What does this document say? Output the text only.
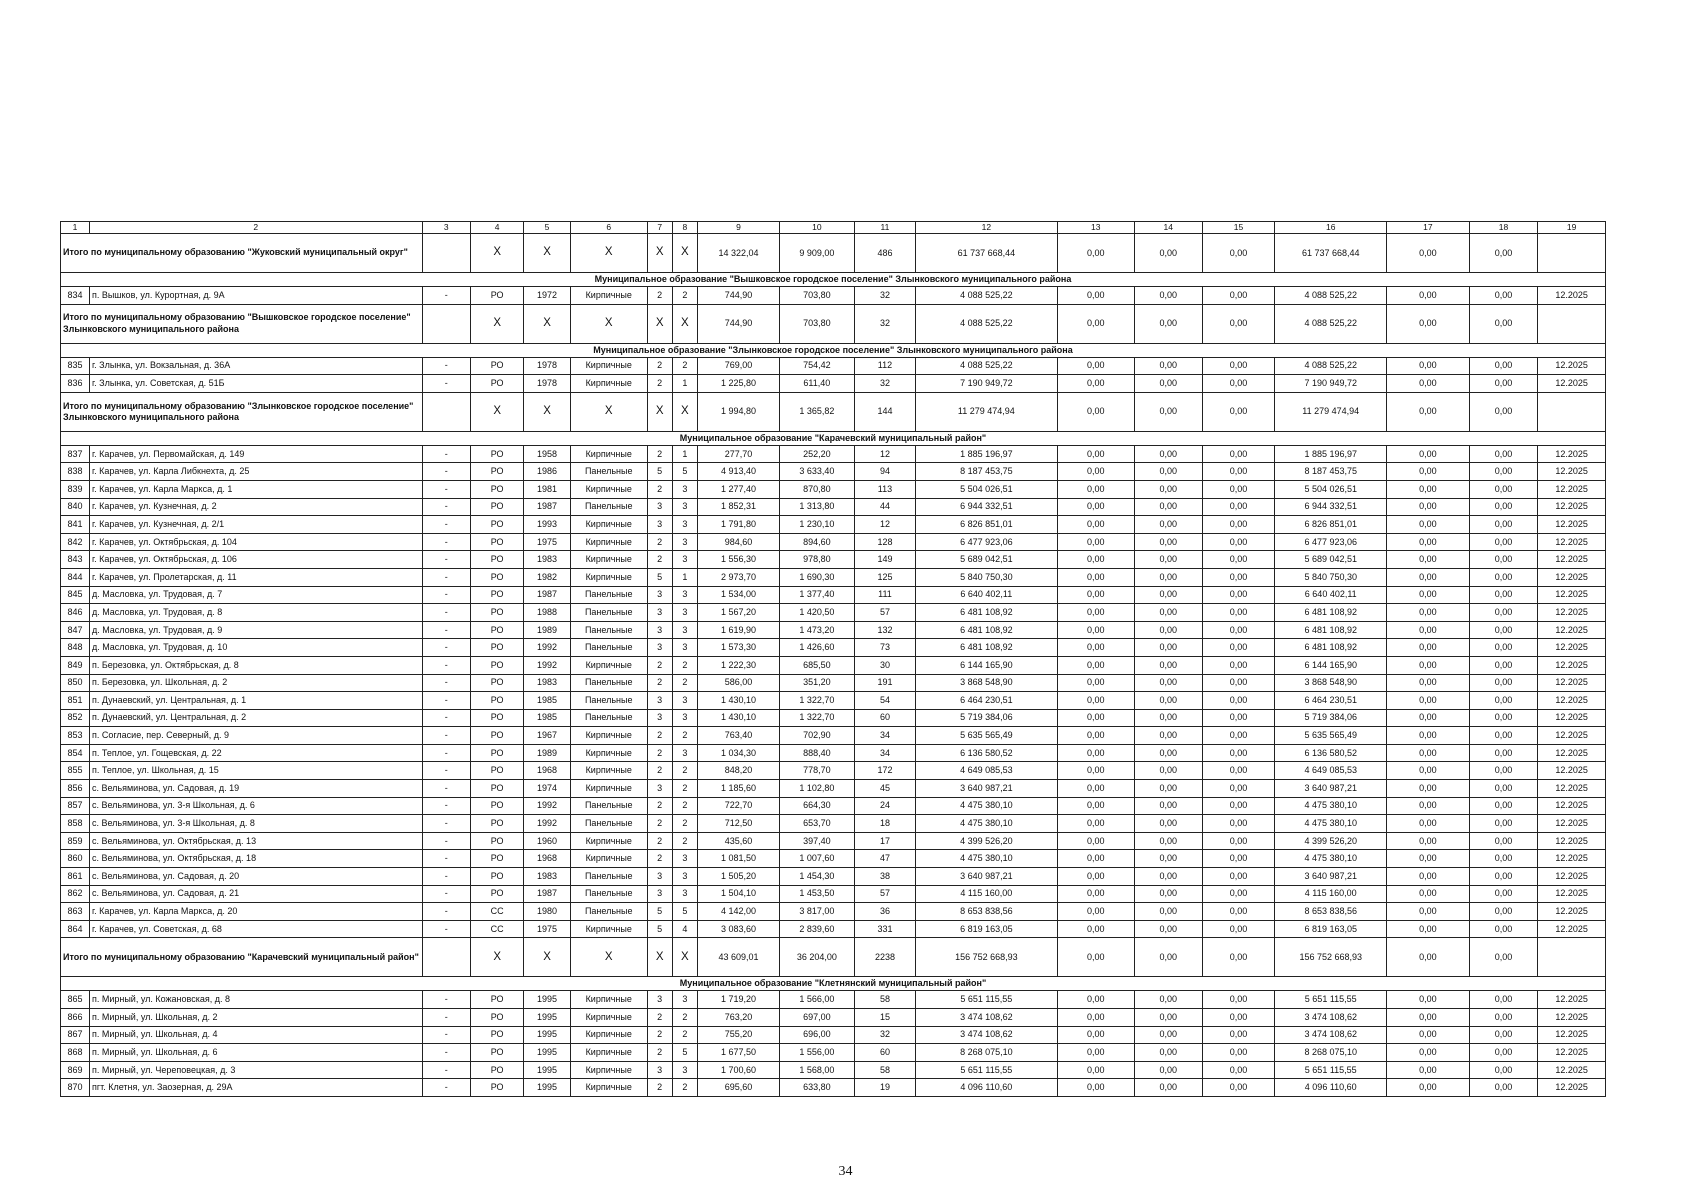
1	2	3	4	5	6	7	8	9	10	11	12	13	14	15	16	17	18	19
Итого по муниципальному образованию "Жуковский муниципальный округ"			Х	Х	Х	Х	Х	14 322,04	9 909,00	486	61 737 668,44	0,00	0,00	0,00	61 737 668,44	0,00	0,00	
Муниципальное образование "Вышковское городское поселение" Злынковского муниципального района																		
834	п. Вышков, ул. Курортная, д. 9А	-	РО	1972	Кирпичные	2	2	744,90	703,80	32	4 088 525,22	0,00	0,00	0,00	4 088 525,22	0,00	0,00	12.2025
Итого по муниципальному образованию "Вышковское городское поселение" Злынковского муниципального района			Х	Х	Х	Х	Х	744,90	703,80	32	4 088 525,22	0,00	0,00	0,00	4 088 525,22	0,00	0,00	
Муниципальное образование "Злынковское городское поселение" Злынковского муниципального района																		
835	г. Злынка, ул. Вокзальная, д. 36А	-	РО	1978	Кирпичные	2	2	769,00	754,42	112	4 088 525,22	0,00	0,00	0,00	4 088 525,22	0,00	0,00	12.2025
836	г. Злынка, ул. Советская, д. 51Б	-	РО	1978	Кирпичные	2	1	1 225,80	611,40	32	7 190 949,72	0,00	0,00	0,00	7 190 949,72	0,00	0,00	12.2025
Итого по муниципальному образованию "Злынковское городское поселение" Злынковского муниципального района			Х	Х	Х	Х	Х	1 994,80	1 365,82	144	11 279 474,94	0,00	0,00	0,00	11 279 474,94	0,00	0,00	
Муниципальное образование "Карачевский муниципальный район"																		
837	г. Карачев, ул. Первомайская, д. 149	-	РО	1958	Кирпичные	2	1	277,70	252,20	12	1 885 196,97	0,00	0,00	0,00	1 885 196,97	0,00	0,00	12.2025
838	г. Карачев, ул. Карла Либкнехта, д. 25	-	РО	1986	Панельные	5	5	4 913,40	3 633,40	94	8 187 453,75	0,00	0,00	0,00	8 187 453,75	0,00	0,00	12.2025
839	г. Карачев, ул. Карла Маркса, д. 1	-	РО	1981	Кирпичные	2	3	1 277,40	870,80	113	5 504 026,51	0,00	0,00	0,00	5 504 026,51	0,00	0,00	12.2025
840	г. Карачев, ул. Кузнечная, д. 2	-	РО	1987	Панельные	3	3	1 852,31	1 313,80	44	6 944 332,51	0,00	0,00	0,00	6 944 332,51	0,00	0,00	12.2025
841	г. Карачев, ул. Кузнечная, д. 2/1	-	РО	1993	Кирпичные	3	3	1 791,80	1 230,10	12	6 826 851,01	0,00	0,00	0,00	6 826 851,01	0,00	0,00	12.2025
842	г. Карачев, ул. Октябрьская, д. 104	-	РО	1975	Кирпичные	2	3	984,60	894,60	128	6 477 923,06	0,00	0,00	0,00	6 477 923,06	0,00	0,00	12.2025
843	г. Карачев, ул. Октябрьская, д. 106	-	РО	1983	Кирпичные	2	3	1 556,30	978,80	149	5 689 042,51	0,00	0,00	0,00	5 689 042,51	0,00	0,00	12.2025
844	г. Карачев, ул. Пролетарская, д. 11	-	РО	1982	Кирпичные	5	1	2 973,70	1 690,30	125	5 840 750,30	0,00	0,00	0,00	5 840 750,30	0,00	0,00	12.2025
845	д. Масловка, ул. Трудовая, д. 7	-	РО	1987	Панельные	3	3	1 534,00	1 377,40	111	6 640 402,11	0,00	0,00	0,00	6 640 402,11	0,00	0,00	12.2025
846	д. Масловка, ул. Трудовая, д. 8	-	РО	1988	Панельные	3	3	1 567,20	1 420,50	57	6 481 108,92	0,00	0,00	0,00	6 481 108,92	0,00	0,00	12.2025
847	д. Масловка, ул. Трудовая, д. 9	-	РО	1989	Панельные	3	3	1 619,90	1 473,20	132	6 481 108,92	0,00	0,00	0,00	6 481 108,92	0,00	0,00	12.2025
848	д. Масловка, ул. Трудовая, д. 10	-	РО	1992	Панельные	3	3	1 573,30	1 426,60	73	6 481 108,92	0,00	0,00	0,00	6 481 108,92	0,00	0,00	12.2025
849	п. Березовка, ул. Октябрьская, д. 8	-	РО	1992	Кирпичные	2	2	1 222,30	685,50	30	6 144 165,90	0,00	0,00	0,00	6 144 165,90	0,00	0,00	12.2025
850	п. Березовка, ул. Школьная, д. 2	-	РО	1983	Панельные	2	2	586,00	351,20	191	3 868 548,90	0,00	0,00	0,00	3 868 548,90	0,00	0,00	12.2025
851	п. Дунаевский, ул. Центральная, д. 1	-	РО	1985	Панельные	3	3	1 430,10	1 322,70	54	6 464 230,51	0,00	0,00	0,00	6 464 230,51	0,00	0,00	12.2025
852	п. Дунаевский, ул. Центральная, д. 2	-	РО	1985	Панельные	3	3	1 430,10	1 322,70	60	5 719 384,06	0,00	0,00	0,00	5 719 384,06	0,00	0,00	12.2025
853	п. Согласие, пер. Северный, д. 9	-	РО	1967	Кирпичные	2	2	763,40	702,90	34	5 635 565,49	0,00	0,00	0,00	5 635 565,49	0,00	0,00	12.2025
854	п. Теплое, ул. Гощевская, д. 22	-	РО	1989	Кирпичные	2	3	1 034,30	888,40	34	6 136 580,52	0,00	0,00	0,00	6 136 580,52	0,00	0,00	12.2025
855	п. Теплое, ул. Школьная, д. 15	-	РО	1968	Кирпичные	2	2	848,20	778,70	172	4 649 085,53	0,00	0,00	0,00	4 649 085,53	0,00	0,00	12.2025
856	с. Вельяминова, ул. Садовая, д. 19	-	РО	1974	Кирпичные	3	2	1 185,60	1 102,80	45	3 640 987,21	0,00	0,00	0,00	3 640 987,21	0,00	0,00	12.2025
857	с. Вельяминова, ул. 3-я Школьная, д. 6	-	РО	1992	Панельные	2	2	722,70	664,30	24	4 475 380,10	0,00	0,00	0,00	4 475 380,10	0,00	0,00	12.2025
858	с. Вельяминова, ул. 3-я Школьная, д. 8	-	РО	1992	Панельные	2	2	712,50	653,70	18	4 475 380,10	0,00	0,00	0,00	4 475 380,10	0,00	0,00	12.2025
859	с. Вельяминова, ул. Октябрьская, д. 13	-	РО	1960	Кирпичные	2	2	435,60	397,40	17	4 399 526,20	0,00	0,00	0,00	4 399 526,20	0,00	0,00	12.2025
860	с. Вельяминова, ул. Октябрьская, д. 18	-	РО	1968	Кирпичные	2	3	1 081,50	1 007,60	47	4 475 380,10	0,00	0,00	0,00	4 475 380,10	0,00	0,00	12.2025
861	с. Вельяминова, ул. Садовая, д. 20	-	РО	1983	Панельные	3	3	1 505,20	1 454,30	38	3 640 987,21	0,00	0,00	0,00	3 640 987,21	0,00	0,00	12.2025
862	с. Вельяминова, ул. Садовая, д. 21	-	РО	1987	Панельные	3	3	1 504,10	1 453,50	57	4 115 160,00	0,00	0,00	0,00	4 115 160,00	0,00	0,00	12.2025
863	г. Карачев, ул. Карла Маркса, д. 20	-	СС	1980	Панельные	5	5	4 142,00	3 817,00	36	8 653 838,56	0,00	0,00	0,00	8 653 838,56	0,00	0,00	12.2025
864	г. Карачев, ул. Советская, д. 68	-	СС	1975	Кирпичные	5	4	3 083,60	2 839,60	331	6 819 163,05	0,00	0,00	0,00	6 819 163,05	0,00	0,00	12.2025
Итого по муниципальному образованию "Карачевский муниципальный район"			Х	Х	Х	Х	Х	43 609,01	36 204,00	2238	156 752 668,93	0,00	0,00	0,00	156 752 668,93	0,00	0,00	
Муниципальное образование "Клетнянский муниципальный район"																		
865	п. Мирный, ул. Кожановская, д. 8	-	РО	1995	Кирпичные	3	3	1 719,20	1 566,00	58	5 651 115,55	0,00	0,00	0,00	5 651 115,55	0,00	0,00	12.2025
866	п. Мирный, ул. Школьная, д. 2	-	РО	1995	Кирпичные	2	2	763,20	697,00	15	3 474 108,62	0,00	0,00	0,00	3 474 108,62	0,00	0,00	12.2025
867	п. Мирный, ул. Школьная, д. 4	-	РО	1995	Кирпичные	2	2	755,20	696,00	32	3 474 108,62	0,00	0,00	0,00	3 474 108,62	0,00	0,00	12.2025
868	п. Мирный, ул. Школьная, д. 6	-	РО	1995	Кирпичные	2	5	1 677,50	1 556,00	60	8 268 075,10	0,00	0,00	0,00	8 268 075,10	0,00	0,00	12.2025
869	п. Мирный, ул. Череповецкая, д. 3	-	РО	1995	Кирпичные	3	3	1 700,60	1 568,00	58	5 651 115,55	0,00	0,00	0,00	5 651 115,55	0,00	0,00	12.2025
870	пгт. Клетня, ул. Заозерная, д. 29А	-	РО	1995	Кирпичные	2	2	695,60	633,80	19	4 096 110,60	0,00	0,00	0,00	4 096 110,60	0,00	0,00	12.2025
34
